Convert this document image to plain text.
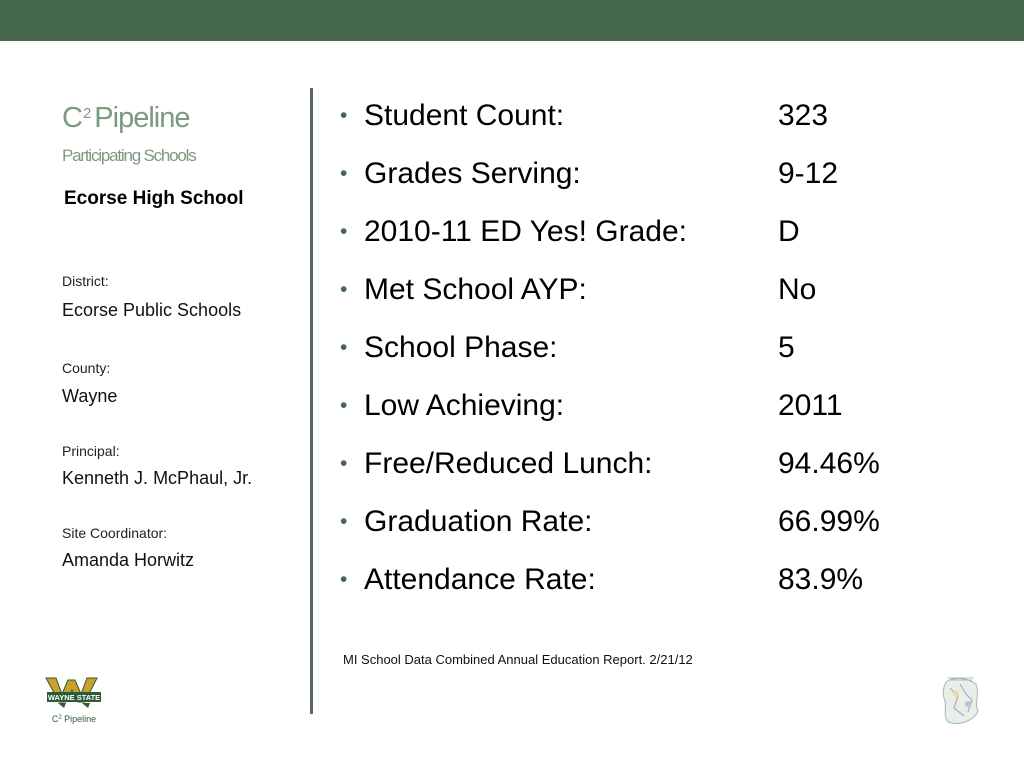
$C^2$ Pipeline
Participating Schools
Ecorse High School
District:
Ecorse Public Schools
County:
Wayne
Principal:
Kenneth J. McPhaul, Jr.
Site Coordinator:
Amanda Horwitz
• Student Count:	323
• Grades Serving:	9-12
• 2010-11 ED Yes! Grade:	D
• Met School AYP:	No
• School Phase:	5
• Low Achieving:	2011
• Free/Reduced Lunch:	94.46%
• Graduation Rate:	66.99%
• Attendance Rate:	83.9%
MI School Data Combined Annual Education Report. 2/21/12
WAYNE STATE
$C^2$ Pipeline
